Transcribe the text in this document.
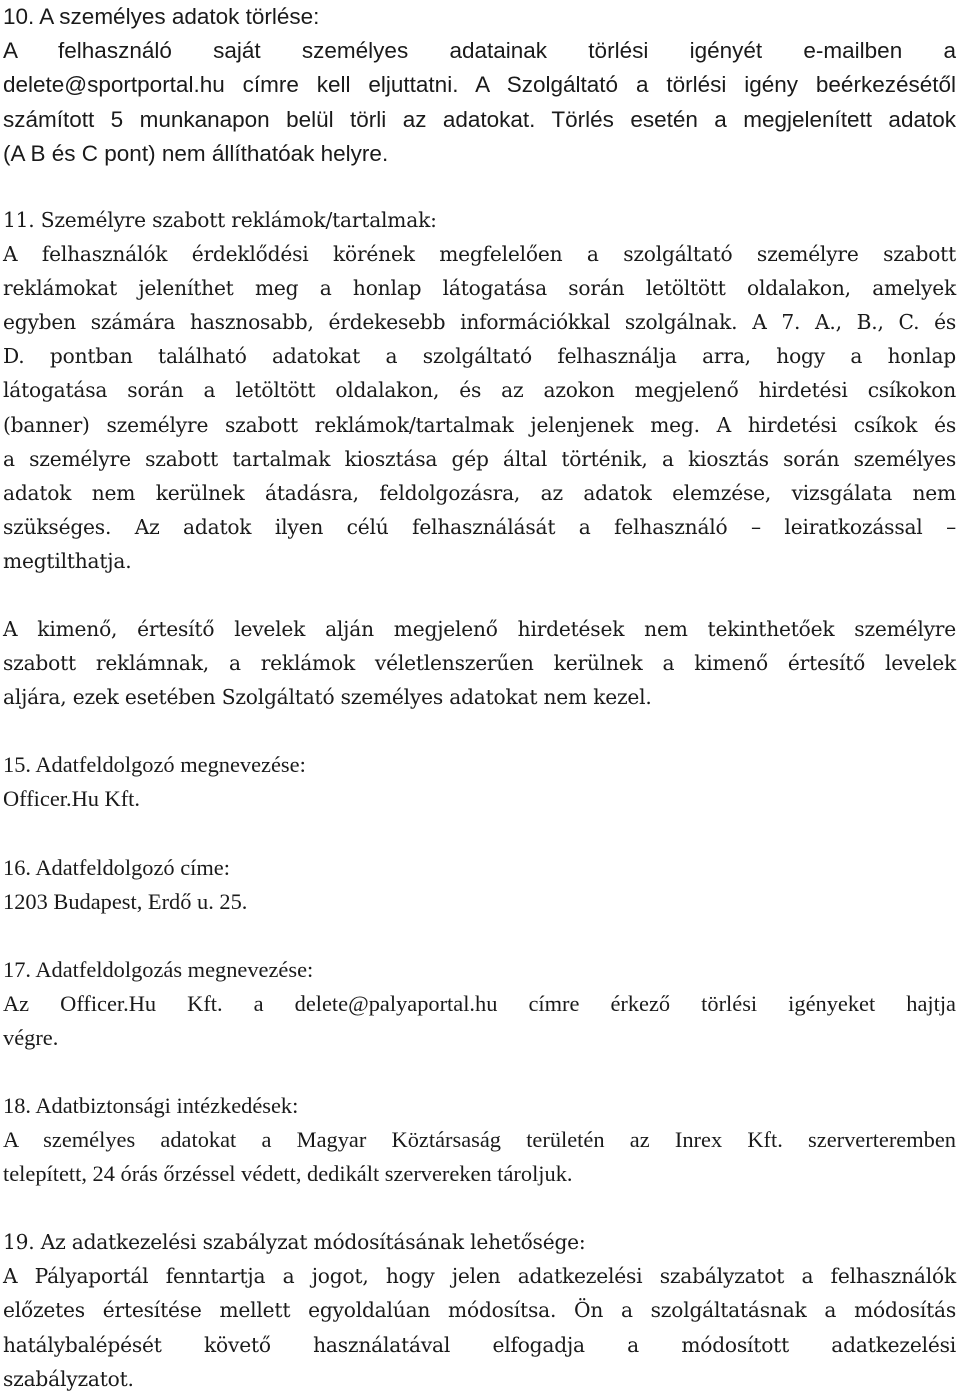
10. A személyes adatok törlése:
A felhasználó saját személyes adatainak törlési igényét e-mailben a
delete@sportportal.hu címre kell eljuttatni. A Szolgáltató a törlési igény beérkezésétől
számított 5 munkanapon belül törli az adatokat. Törlés esetén a megjelenített adatok
(A B és C pont) nem állíthatóak helyre.
11. Személyre szabott reklámok/tartalmak:
A felhasználók érdeklődési körének megfelelően a szolgáltató személyre szabott
reklámokat jeleníthet meg a honlap látogatása során letöltött oldalakon, amelyek
egyben számára hasznosabb, érdekesebb információkkal szolgálnak. A 7. A., B., C. és
D. pontban található adatokat a szolgáltató felhasználja arra, hogy a honlap
látogatása során a letöltött oldalakon, és az azokon megjelenő hirdetési csíkokon
(banner) személyre szabott reklámok/tartalmak jelenjenek meg. A hirdetési csíkok és
a személyre szabott tartalmak kiosztása gép által történik, a kiosztás során személyes
adatok nem kerülnek átadásra, feldolgozásra, az adatok elemzése, vizsgálata nem
szükséges. Az adatok ilyen célú felhasználását a felhasználó – leiratkozással –
megtilthatja.
A kimenő, értesítő levelek alján megjelenő hirdetések nem tekinthetőek személyre
szabott reklámnak, a reklámok véletlenszerűen kerülnek a kimenő értesítő levelek
aljára, ezek esetében Szolgáltató személyes adatokat nem kezel.
15. Adatfeldolgozó megnevezése:
Officer.Hu Kft.
16. Adatfeldolgozó címe:
1203 Budapest, Erdő u. 25.
17. Adatfeldolgozás megnevezése:
Az Officer.Hu Kft. a delete@palyaportal.hu címre érkező törlési igényeket hajtja
végre.
18. Adatbiztonsági intézkedések:
A személyes adatokat a Magyar Köztársaság területén az Inrex Kft. szerverteremben
telepített, 24 órás őrzéssel védett, dedikált szervereken tároljuk.
19. Az adatkezelési szabályzat módosításának lehetősége:
A Pályaportál fenntartja a jogot, hogy jelen adatkezelési szabályzatot a felhasználók
előzetes értesítése mellett egyoldalúan módosítsa. Ön a szolgáltatásnak a módosítás
hatálybalépését követő használatával elfogadja a módosított adatkezelési
szabályzatot.
